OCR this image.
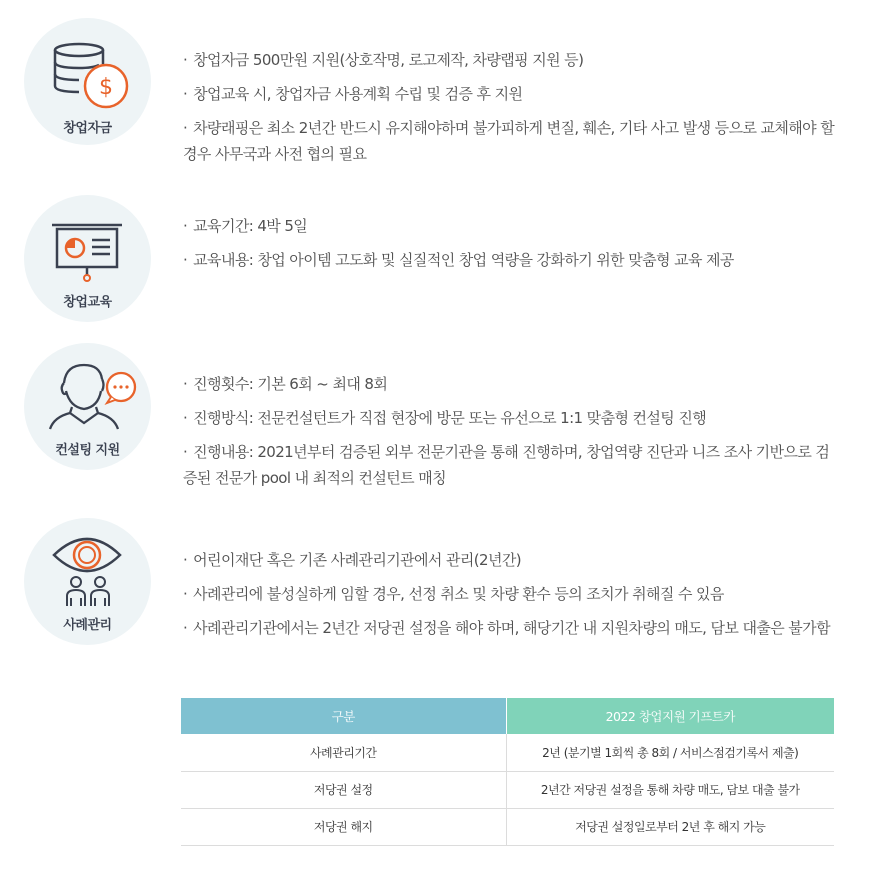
$
창업자금
· 창업자금 500만원 지원(상호작명, 로고제작, 차량랩핑 지원 등)
· 창업교육 시, 창업자금 사용계획 수립 및 검증 후 지원
· 차량래핑은 최소 2년간 반드시 유지해야하며 불가피하게 변질, 훼손, 기타 사고 발생 등으로 교체해야 할 경우 사무국과 사전 협의 필요
창업교육
· 교육기간: 4박 5일
· 교육내용: 창업 아이템 고도화 및 실질적인 창업 역량을 강화하기 위한 맞춤형 교육 제공
컨설팅 지원
· 진행횟수: 기본 6회 ~ 최대 8회
· 진행방식: 전문컨설턴트가 직접 현장에 방문 또는 유선으로 1:1 맞춤형 컨설팅 진행
· 진행내용: 2021년부터 검증된 외부 전문기관을 통해 진행하며, 창업역량 진단과 니즈 조사 기반으로 검증된 전문가 pool 내 최적의 컨설턴트 매칭
사례관리
· 어린이재단 혹은 기존 사례관리기관에서 관리(2년간)
· 사례관리에 불성실하게 임할 경우, 선정 취소 및 차량 환수 등의 조치가 취해질 수 있음
· 사례관리기관에서는 2년간 저당권 설정을 해야 하며, 해당기간 내 지원차량의 매도, 담보 대출은 불가함
구분	2022 창업지원 기프트카
사례관리기간	2년 (분기별 1회씩 총 8회 / 서비스점검기록서 제출)
저당권 설정	2년간 저당권 설정을 통해 차량 매도, 담보 대출 불가
저당권 해지	저당권 설정일로부터 2년 후 해지 가능
